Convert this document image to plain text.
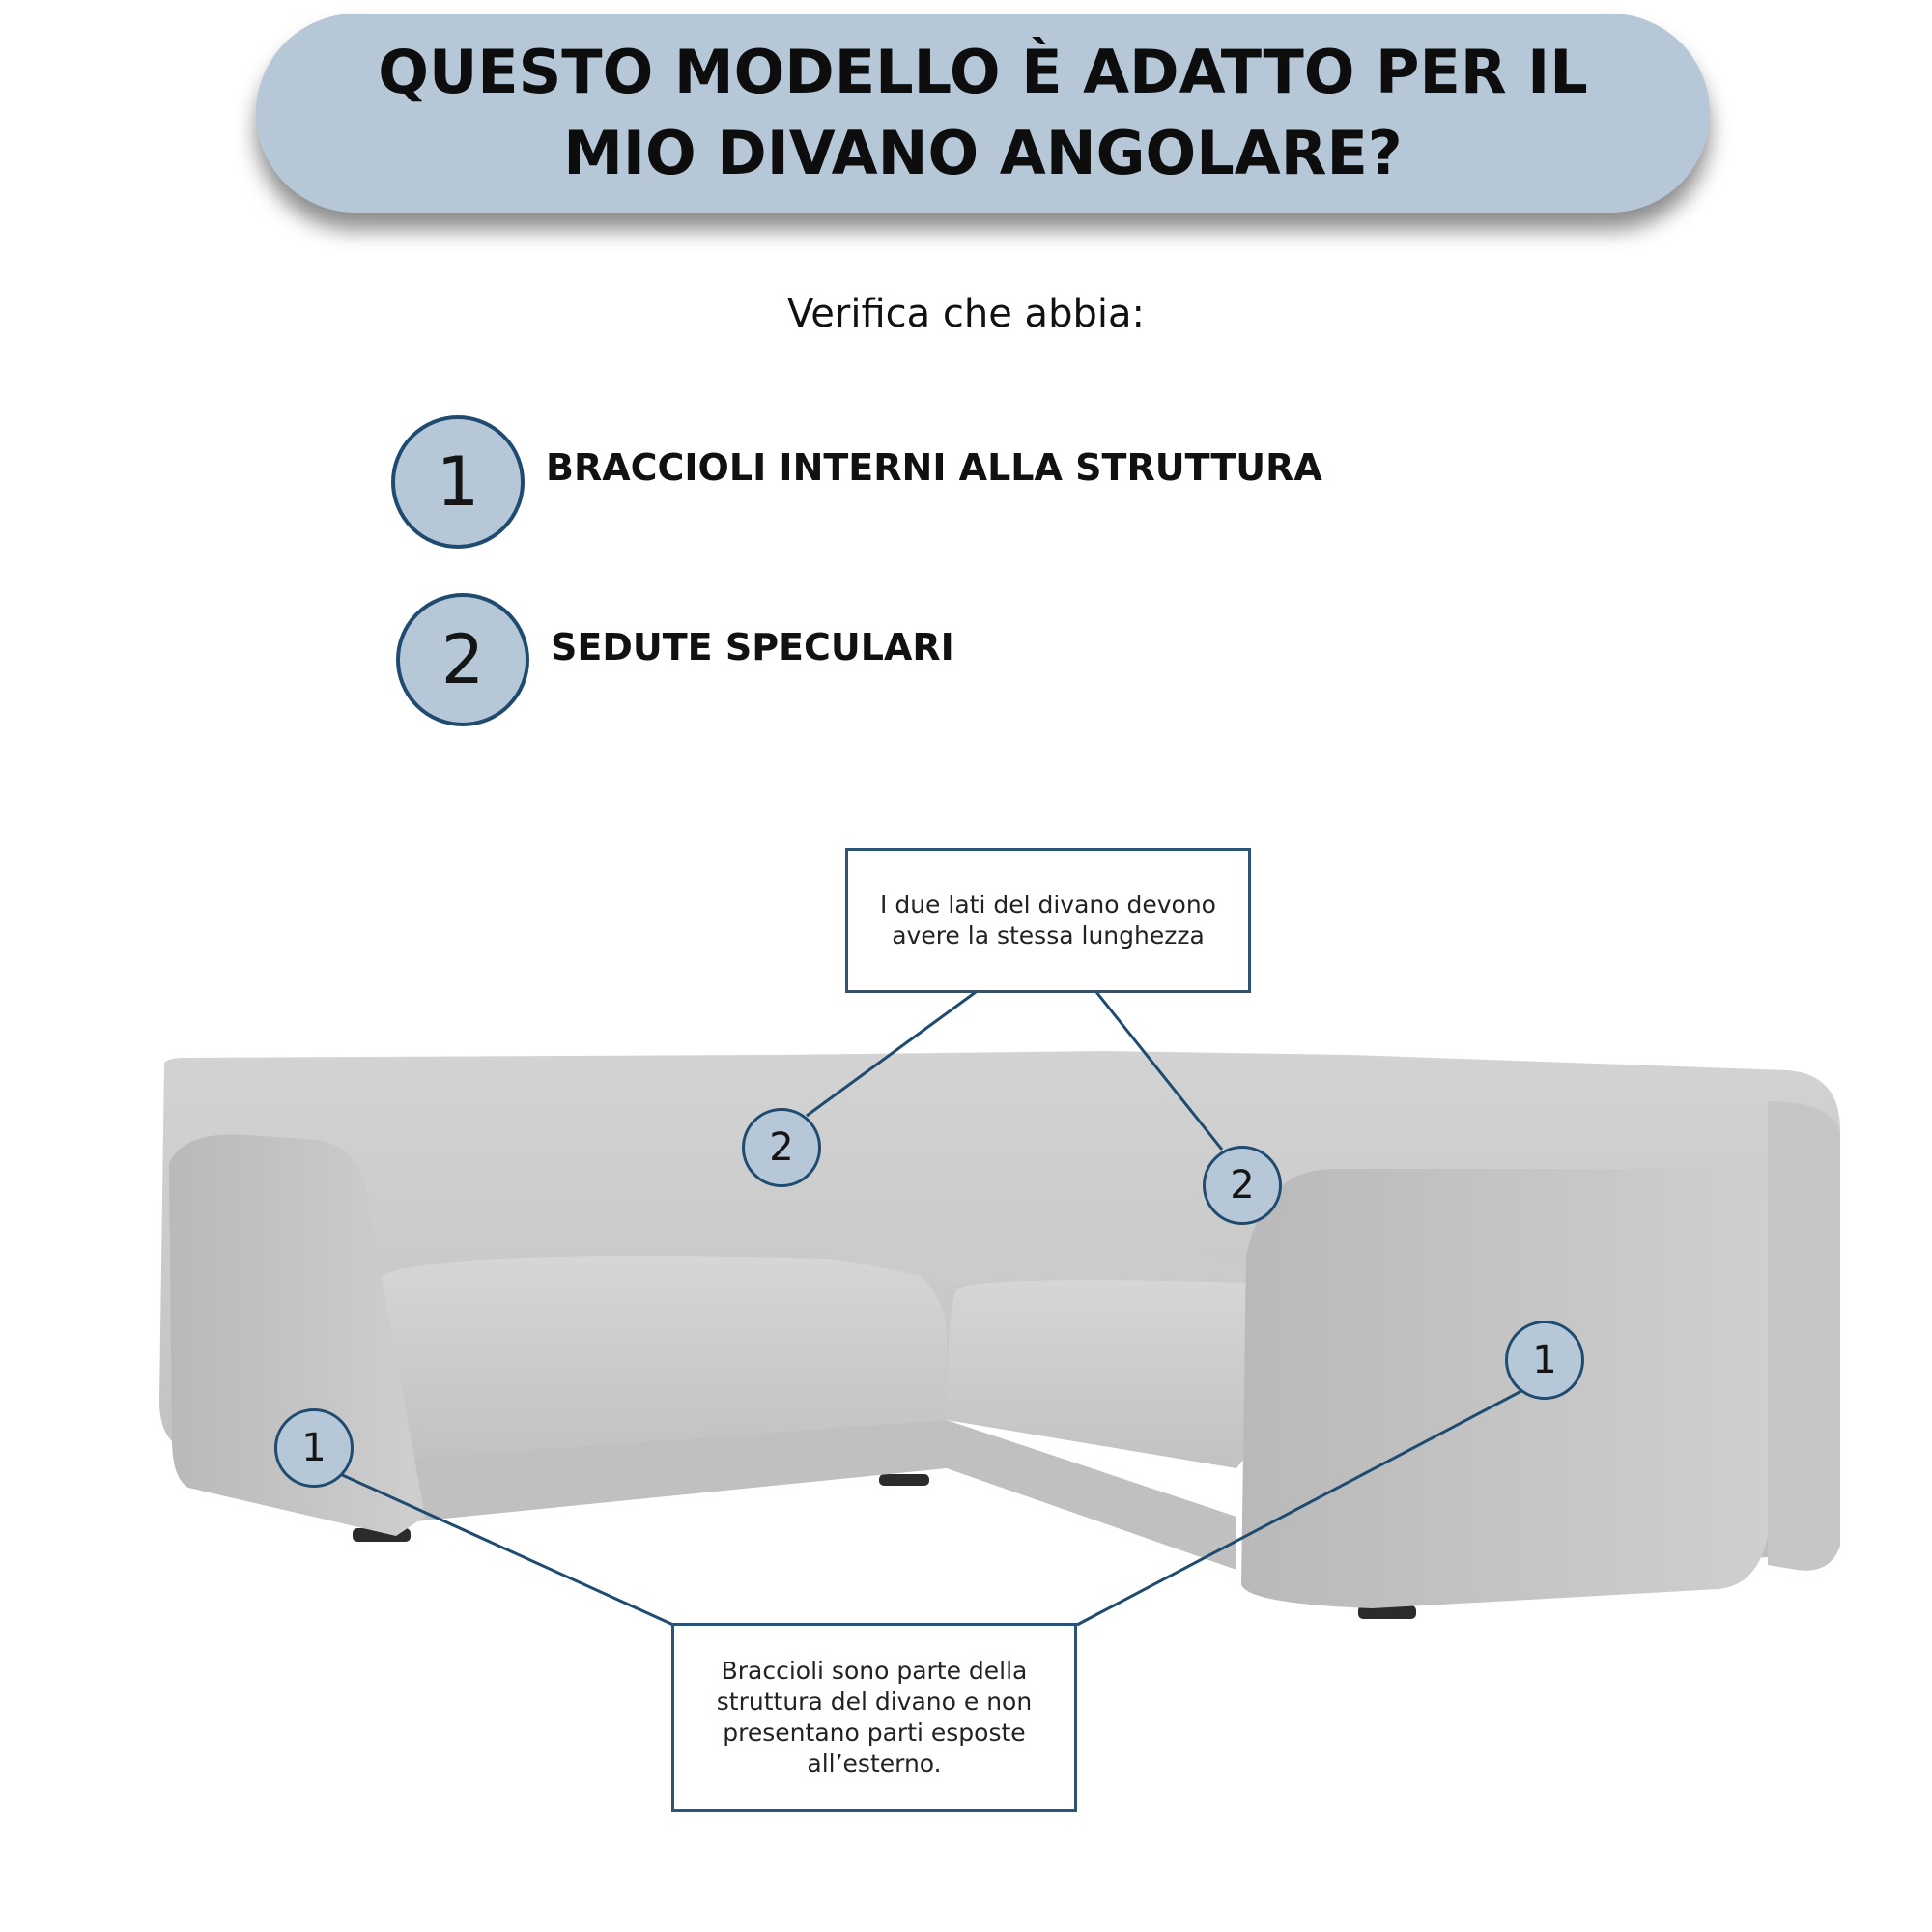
QUESTO MODELLO È ADATTO PER IL MIO DIVANO ANGOLARE?
Verifica che abbia:
1	BRACCIOLI INTERNI ALLA STRUTTURA
2	SEDUTE SPECULARI
I due lati del divano devono avere la stessa lunghezza
Braccioli sono parte della struttura del divano e non presentano parti esposte all’esterno.
2
2
1
1
